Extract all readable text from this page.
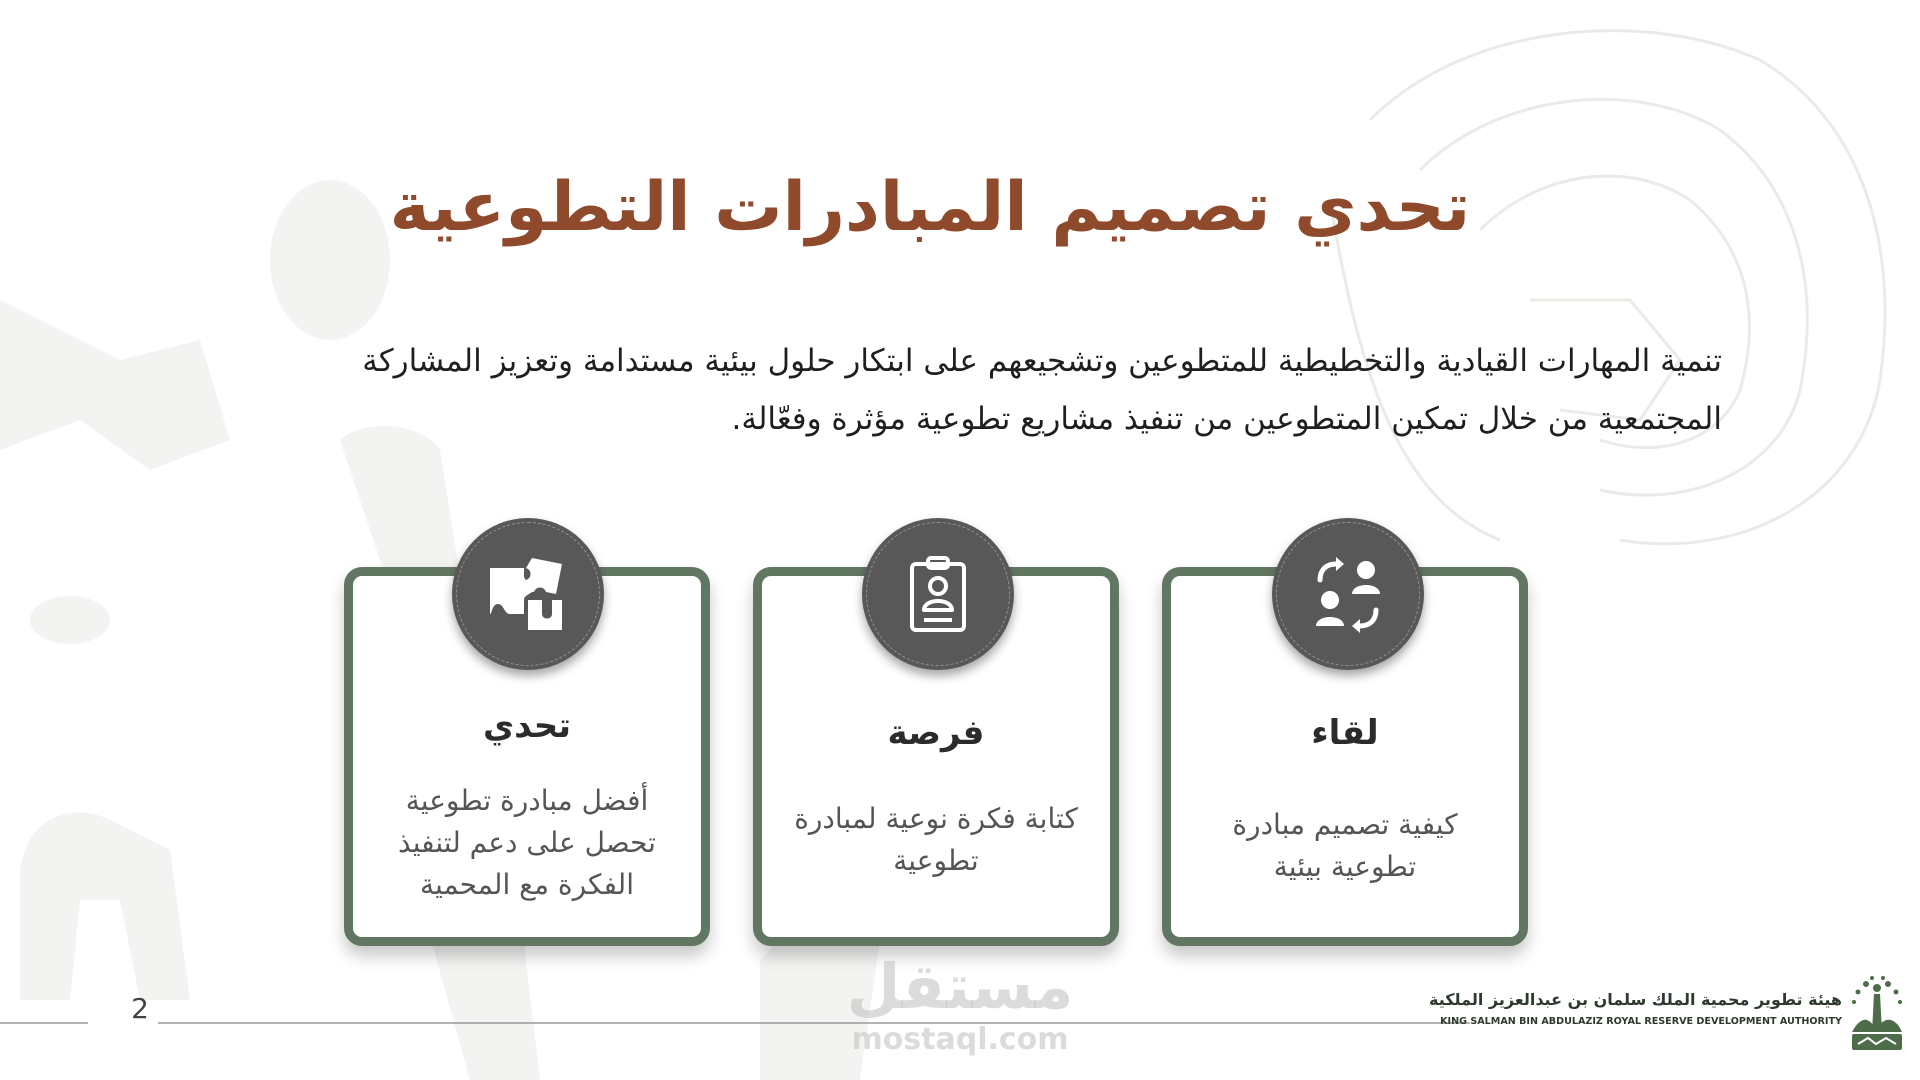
تحدي تصميم المبادرات التطوعية

تنمية المهارات القيادية والتخطيطية للمتطوعين وتشجيعهم على ابتكار حلول بيئية مستدامة وتعزيز المشاركة المجتمعية من خلال تمكين المتطوعين من تنفيذ مشاريع تطوعية مؤثرة وفعّالة.

تحدي
أفضل مبادرة تطوعية تحصل على دعم لتنفيذ الفكرة مع المحمية
فرصة
كتابة فكرة نوعية لمبادرة تطوعية
لقاء
كيفية تصميم مبادرة تطوعية بيئية
2	مستقل
mostaql.com
هيئة تطوير محمية الملك سلمان بن عبدالعزيز الملكية
KING SALMAN BIN ABDULAZIZ ROYAL RESERVE DEVELOPMENT AUTHORITY
